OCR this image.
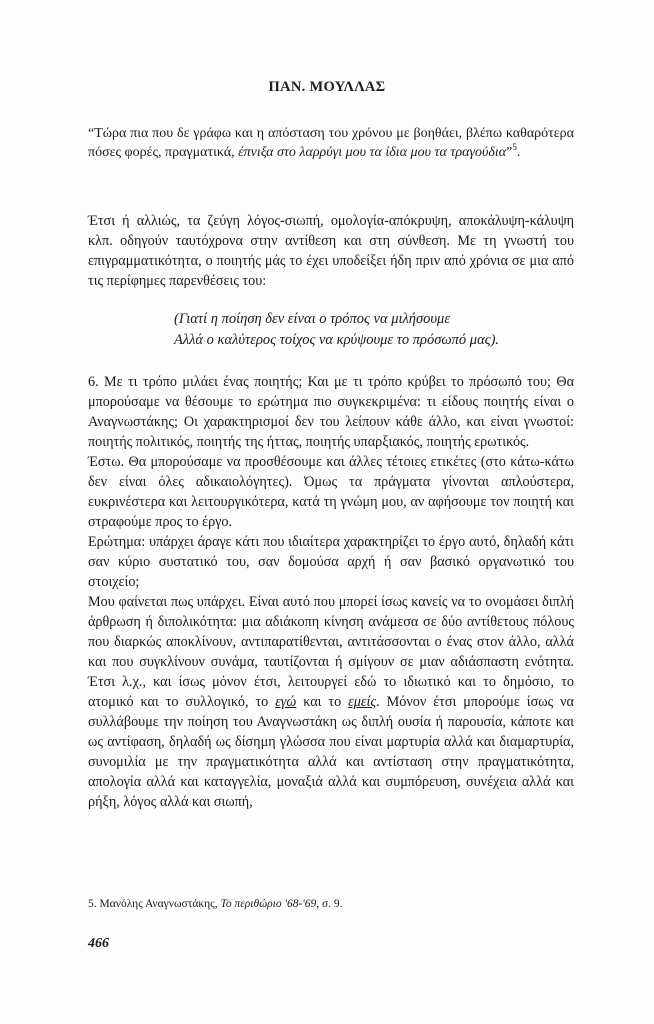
ΠΑΝ. ΜΟΥΛΛΑΣ
“Τώρα πια που δε γράφω και η απόσταση του χρόνου με βοηθάει, βλέπω καθαρότερα πόσες φορές, πραγματικά, έπνιξα στο λαρρύγι μου τα ίδια μου τα τραγούδια”$^5$.

Έτσι ή αλλιώς, τα ζεύγη λόγος-σιωπή, ομολογία-απόκρυψη, αποκάλυψη-κάλυψη κλπ. οδηγούν ταυτόχρονα στην αντίθεση και στη σύνθεση. Με τη γνωστή του επιγραμματικότητα, ο ποιητής μάς το έχει υποδείξει ήδη πριν από χρόνια σε μια από τις περίφημες παρενθέσεις του:

(Γιατί η ποίηση δεν είναι ο τρόπος να μιλήσουμε
Αλλά ο καλύτερος τοίχος να κρύψουμε το πρόσωπό μας).

6. Με τι τρόπο μιλάει ένας ποιητής; Και με τι τρόπο κρύβει το πρόσωπό του; Θα μπορούσαμε να θέσουμε το ερώτημα πιο συγκεκριμένα: τι είδους ποιητής είναι ο Αναγνωστάκης; Οι χαρακτηρισμοί δεν του λείπουν κάθε άλλο, και είναι γνωστοί: ποιητής πολιτικός, ποιητής της ήττας, ποιητής υπαρξιακός, ποιητής ερωτικός.

Έστω. Θα μπορούσαμε να προσθέσουμε και άλλες τέτοιες ετικέτες (στο κάτω-κάτω δεν είναι όλες αδικαιολόγητες). Όμως τα πράγματα γίνονται απλούστερα, ευκρινέστερα και λειτουργικότερα, κατά τη γνώμη μου, αν αφήσουμε τον ποιητή και στραφούμε προς το έργο.

Ερώτημα: υπάρχει άραγε κάτι που ιδιαίτερα χαρακτηρίζει το έργο αυτό, δηλαδή κάτι σαν κύριο συστατικό του, σαν δομούσα αρχή ή σαν βασικό οργανωτικό του στοιχείο;

Μου φαίνεται πως υπάρχει. Είναι αυτό που μπορεί ίσως κανείς να το ονομάσει διπλή άρθρωση ή διπολικότητα: μια αδιάκοπη κίνηση ανάμεσα σε δύο αντίθετους πόλους που διαρκώς αποκλίνουν, αντιπαρατίθενται, αντιτάσσονται ο ένας στον άλλο, αλλά και που συγκλίνουν συνάμα, ταυτίζονται ή σμίγουν σε μιαν αδιάσπαστη ενότητα. Έτσι λ.χ., και ίσως μόνον έτσι, λειτουργεί εδώ το ιδιωτικό και το δημόσιο, το ατομικό και το συλλογικό, το εγώ και το εμείς. Μόνον έτσι μπορούμε ίσως να συλλάβουμε την ποίηση του Αναγνωστάκη ως διπλή ουσία ή παρουσία, κάποτε και ως αντίφαση, δηλαδή ως δίσημη γλώσσα που είναι μαρτυρία αλλά και διαμαρτυρία, συνομιλία με την πραγματικότητα αλλά και αντίσταση στην πραγματικότητα, απολογία αλλά και καταγγελία, μοναξιά αλλά και συμπόρευση, συνέχεια αλλά και ρήξη, λόγος αλλά και σιωπή,

5. Μανόλης Αναγνωστάκης, Το περιθώριο '68-'69, σ. 9.
466
